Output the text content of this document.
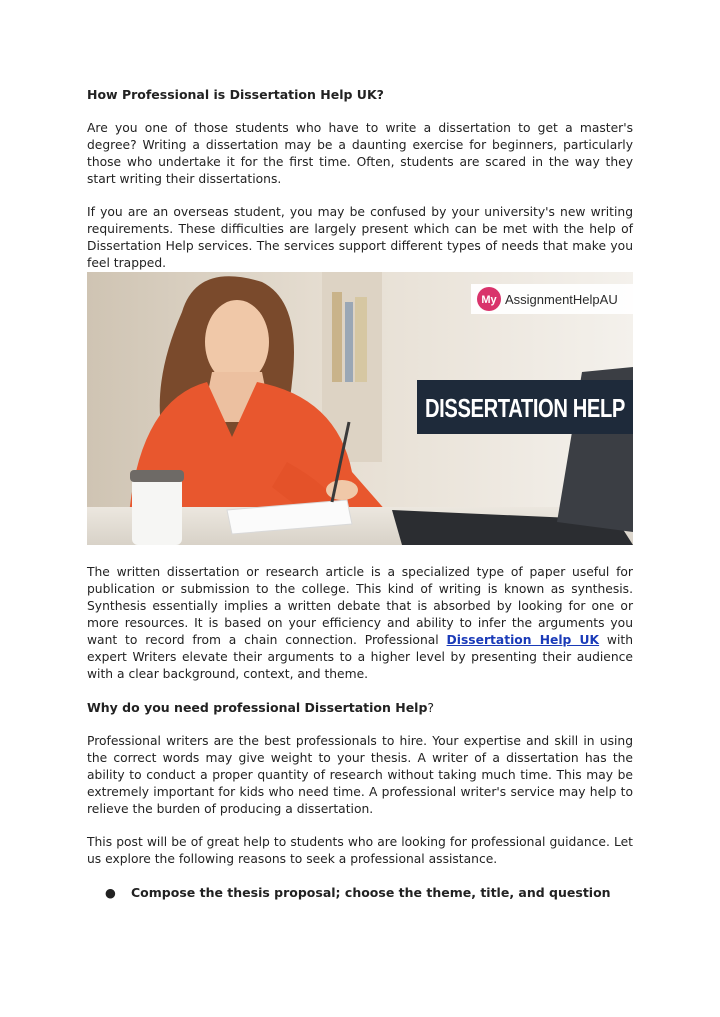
How Professional is Dissertation Help UK?

Are you one of those students who have to write a dissertation to get a master's degree? Writing a dissertation may be a daunting exercise for beginners, particularly those who undertake it for the first time. Often, students are scared in the way they start writing their dissertations.

If you are an overseas student, you may be confused by your university's new writing requirements. These difficulties are largely present which can be met with the help of Dissertation Help services. The services support different types of needs that make you feel trapped.

My AssignmentHelpAU
DISSERTATION HELP

The written dissertation or research article is a specialized type of paper useful for publication or submission to the college. This kind of writing is known as synthesis. Synthesis essentially implies a written debate that is absorbed by looking for one or more resources. It is based on your efficiency and ability to infer the arguments you want to record from a chain connection. Professional Dissertation Help UK with expert Writers elevate their arguments to a higher level by presenting their audience with a clear background, context, and theme.

Why do you need professional Dissertation Help?

Professional writers are the best professionals to hire. Your expertise and skill in using the correct words may give weight to your thesis. A writer of a dissertation has the ability to conduct a proper quantity of research without taking much time. This may be extremely important for kids who need time. A professional writer's service may help to relieve the burden of producing a dissertation.

This post will be of great help to students who are looking for professional guidance. Let us explore the following reasons to seek a professional assistance.

● Compose the thesis proposal; choose the theme, title, and question
